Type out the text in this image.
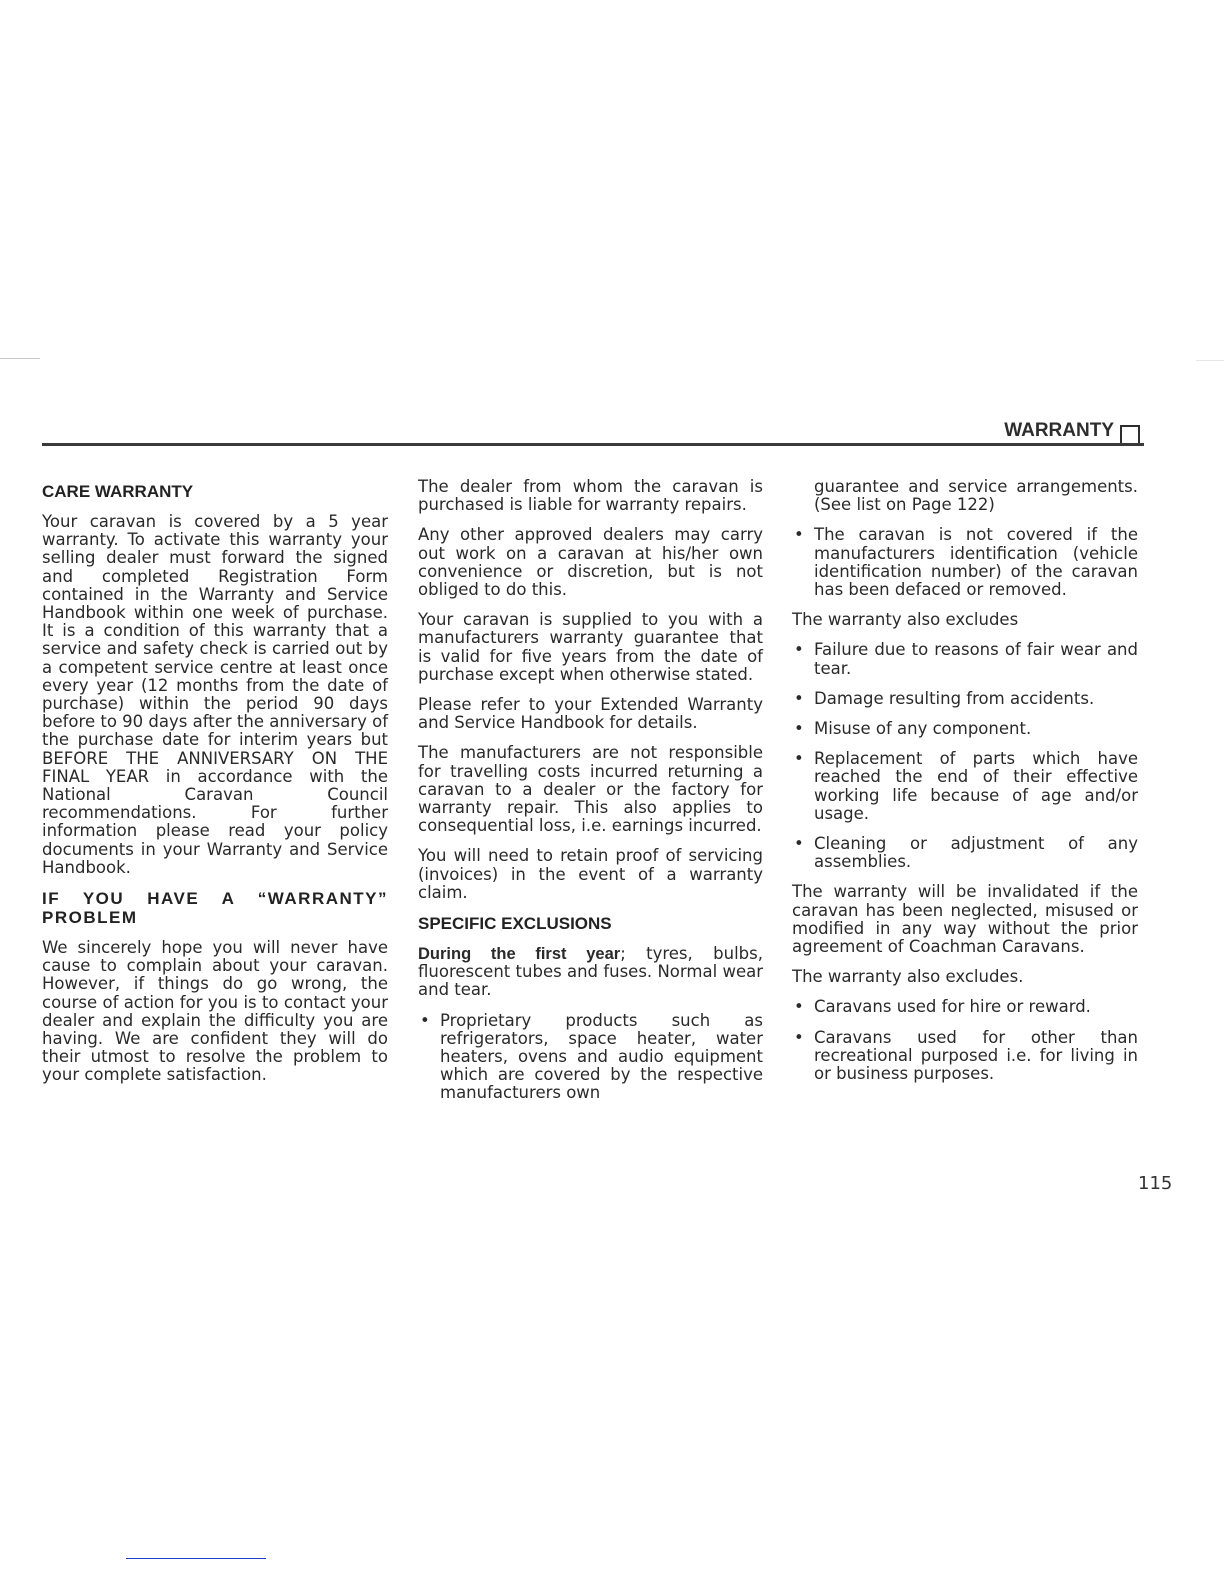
WARRANTY
CARE WARRANTY

Your caravan is covered by a 5 year warranty. To activate this warranty your selling dealer must forward the signed and completed Registration Form contained in the Warranty and Service Handbook within one week of purchase. It is a condition of this warranty that a service and safety check is carried out by a competent service centre at least once every year (12 months from the date of purchase) within the period 90 days before to 90 days after the anniversary of the purchase date for interim years but BEFORE THE ANNIVERSARY ON THE FINAL YEAR in accordance with the National Caravan Council recommendations. For further information please read your policy documents in your Warranty and Service Handbook.

IF YOU HAVE A “WARRANTY” PROBLEM

We sincerely hope you will never have cause to complain about your caravan. However, if things do go wrong, the course of action for you is to contact your dealer and explain the difficulty you are having. We are confident they will do their utmost to resolve the problem to your complete satisfaction.

The dealer from whom the caravan is purchased is liable for warranty repairs.

Any other approved dealers may carry out work on a caravan at his/her own convenience or discretion, but is not obliged to do this.

Your caravan is supplied to you with a manufacturers warranty guarantee that is valid for five years from the date of purchase except when otherwise stated.

Please refer to your Extended Warranty and Service Handbook for details.

The manufacturers are not responsible for travelling costs incurred returning a caravan to a dealer or the factory for warranty repair. This also applies to consequential loss, i.e. earnings incurred.

You will need to retain proof of servicing (invoices) in the event of a warranty claim.

SPECIFIC EXCLUSIONS

During the first year; tyres, bulbs, fluorescent tubes and fuses. Normal wear and tear.

• Proprietary products such as refrigerators, space heater, water heaters, ovens and audio equipment which are covered by the respective manufacturers own

guarantee and service arrangements. (See list on Page 122)

• The caravan is not covered if the manufacturers identification (vehicle identification number) of the caravan has been defaced or removed.

The warranty also excludes

• Failure due to reasons of fair wear and tear.
• Damage resulting from accidents.
• Misuse of any component.
• Replacement of parts which have reached the end of their effective working life because of age and/or usage.
• Cleaning or adjustment of any assemblies.

The warranty will be invalidated if the caravan has been neglected, misused or modified in any way without the prior agreement of Coachman Caravans.

The warranty also excludes.

• Caravans used for hire or reward.
• Caravans used for other than recreational purposed i.e. for living in or business purposes.
115
